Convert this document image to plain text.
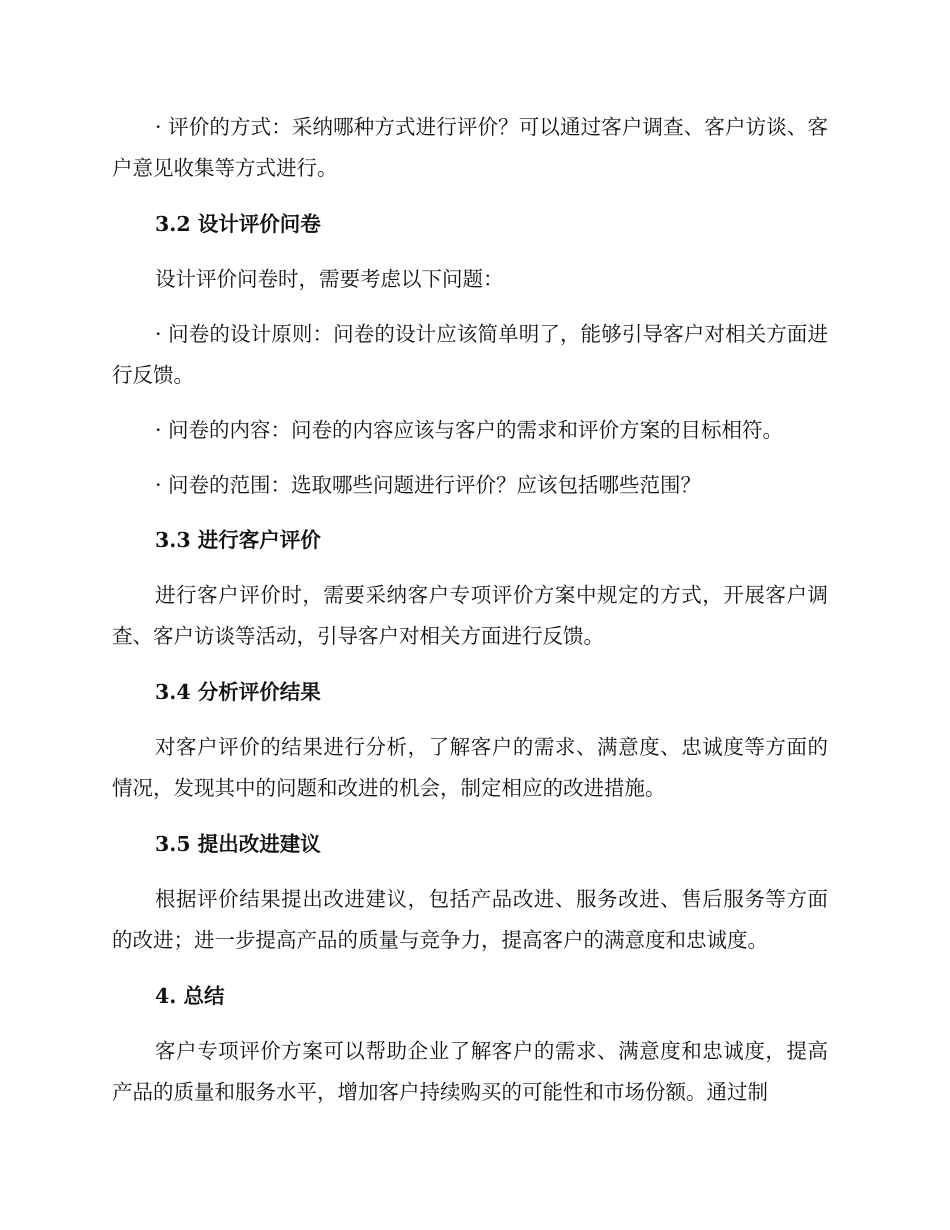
· 评价的方式：采纳哪种方式进行评价？可以通过客户调查、客户访谈、客户意见收集等方式进行。

3.2 设计评价问卷

设计评价问卷时，需要考虑以下问题：

· 问卷的设计原则：问卷的设计应该简单明了，能够引导客户对相关方面进行反馈。

· 问卷的内容：问卷的内容应该与客户的需求和评价方案的目标相符。

· 问卷的范围：选取哪些问题进行评价？应该包括哪些范围？

3.3 进行客户评价

进行客户评价时，需要采纳客户专项评价方案中规定的方式，开展客户调查、客户访谈等活动，引导客户对相关方面进行反馈。

3.4 分析评价结果

对客户评价的结果进行分析，了解客户的需求、满意度、忠诚度等方面的情况，发现其中的问题和改进的机会，制定相应的改进措施。

3.5 提出改进建议

根据评价结果提出改进建议，包括产品改进、服务改进、售后服务等方面的改进；进一步提高产品的质量与竞争力，提高客户的满意度和忠诚度。

4. 总结

客户专项评价方案可以帮助企业了解客户的需求、满意度和忠诚度，提高产品的质量和服务水平，增加客户持续购买的可能性和市场份额。通过制
